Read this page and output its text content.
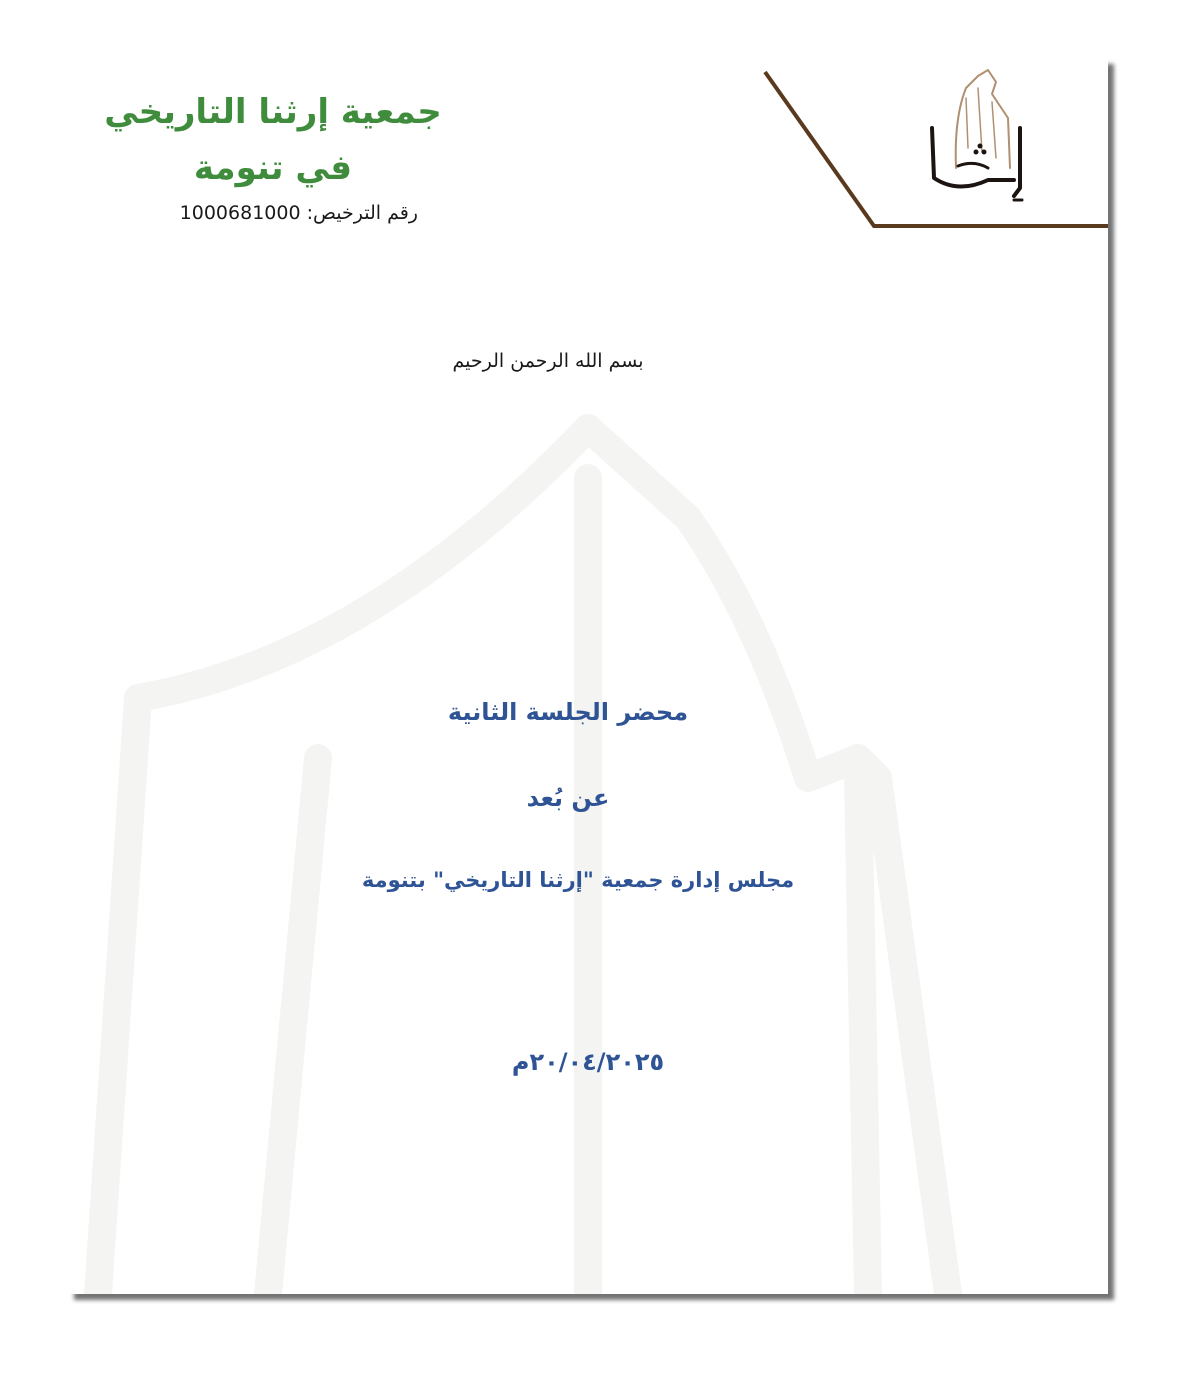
جمعية إرثنا التاريخي
في تنومة
رقم الترخيص: 1000681000
بسم الله الرحمن الرحيم
محضر الجلسة الثانية
عن بُعد
مجلس إدارة جمعية "إرثنا التاريخي" بتنومة
٢٠/٠٤/٢٠٢٥م
